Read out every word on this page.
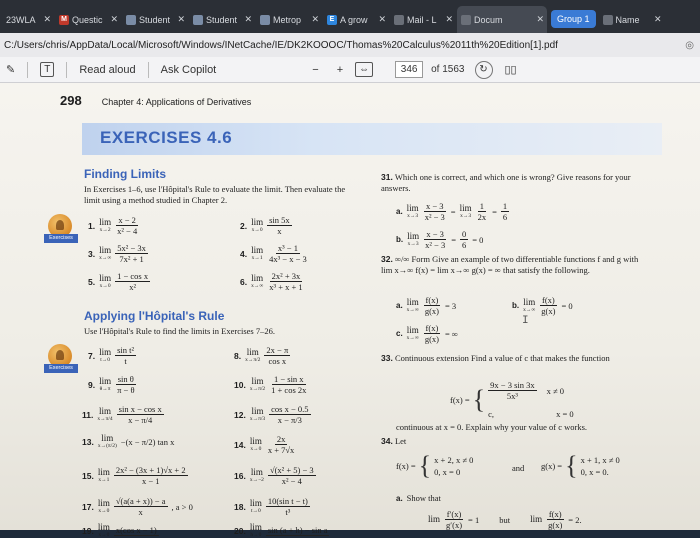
23WLA ✕ M Questic ✕ Student ✕ Student ✕ Metrop ✕	E A grow ✕ Mail - L ✕ Docum	✕	Group 1	Name ✕
C:/Users/chris/AppData/Local/Microsoft/Windows/INetCache/IE/DK2KOOOC/Thomas%20Calculus%2011th%20Edition[1].pdf	◎
✎	T	Read aloud	Ask Copilot	−	+	⇔	346	of 1563	↻	▯▯
298 Chapter 4: Applications of Derivatives
EXERCISES 4.6
Finding Limits
In Exercises 1–6, use l'Hôpital's Rule to evaluate the limit. Then evaluate the limit using a method studied in Chapter 2.
Exercises
1. lim
$x\to 2 \frac{x - 2}{\text{x² − 4}}$	2. lim
$x\to 0 \frac{\sin 5x}{x}$
3. lim
$x\to\infty \frac{\text{5x² − 3x}}{\text{7x² + 1}}$	4. lim
$x\to 1 \frac{\text{x³ − 1}}{\text{4x³ − x − 3}}$
5. lim
$x\to 0 \frac{\text{1 − cos x}}{\text{x²}}$	6. lim
$x\to\infty \frac{\text{2x² + 3x}}{\text{x³ + x + 1}}$
Applying l'Hôpital's Rule
Use l'Hôpital's Rule to find the limits in Exercises 7–26.
Exercises
7. lim
$t\to 0 \frac{\text{sin t²}}{t}$	8. lim
$x\to\pi/2 \frac{2x - \pi}{\text{cos x}}$
9. lim
$\theta\to\pi \frac{\text{sin θ}}{\pi - \theta}$	10. lim
$x\to\pi/2 \frac{\text{1 − sin x}}{1 + \cos 2x}$
11. lim
$x\to\pi/4 \frac{\text{sin x − cos x}}{x - \pi/4}$	12. lim
$x\to\pi/3 \frac{\text{cos x − 0.5}}{x - \pi/3}$
13. lim
x→(π/2) −(x − π/2) tan x	14. lim
$x\to 0 \frac{2x}{x + 7√x}$
15. lim
$x\to 1 \frac{\text{2x² − (3x + 1)√x + 2}}{x - 1}$	16. lim
$x\to-2 \frac{\text{√(x² + 5) − 3}}{\text{x² − 4}}$
17. lim
$x\to 0 \frac{√(a(a + x)) - a}{x}$ , a > 0	18. lim
$t\to 0 \frac{\text{10(sin t − t)}}{\text{t³}}$
19. lim
x→0 x(cos x − 1)	20. lim
h→0 sin (a + h) − sin a
31. Which one is correct, and which one is wrong? Give reasons for your answers.
a. lim
$x\to 3 \frac{x - 3}{\text{x² − 3}} = \lim$
$x\to 3 \frac{1}{2x} = \frac{1}{6}$
b. lim
$x\to 3 \frac{x - 3}{\text{x² − 3}} = \frac{0}{6} = 0$
32. ∞/∞ Form Give an example of two differentiable functions f and g with lim x→∞ f(x) = lim x→∞ g(x) = ∞ that satisfy the following.
a. lim
$x\to\infty \frac{f(x)}{g(x)} = 3$	b. lim
$x\to\infty \frac{f(x)}{g(x)} = 0$
I
c. lim
$x\to\infty \frac{f(x)}{g(x)}$ = ∞
33. Continuous extension Find a value of c that makes the function
f(x) = { $\frac{9x - 3 \sin 3x}{\text{5x³}}$ x ≠ 0
c,	x = 0
continuous at x = 0. Explain why your value of c works.
34. Let
f(x) = { x + 2, x ≠ 0
0, x = 0	and g(x) = { x + 1, x ≠ 0
0, x = 0.
a. Show that
$\lim \frac{f'(x)}{g'(x)} = 1$ but $\lim \frac{f(x)}{g(x)} = 2$.
